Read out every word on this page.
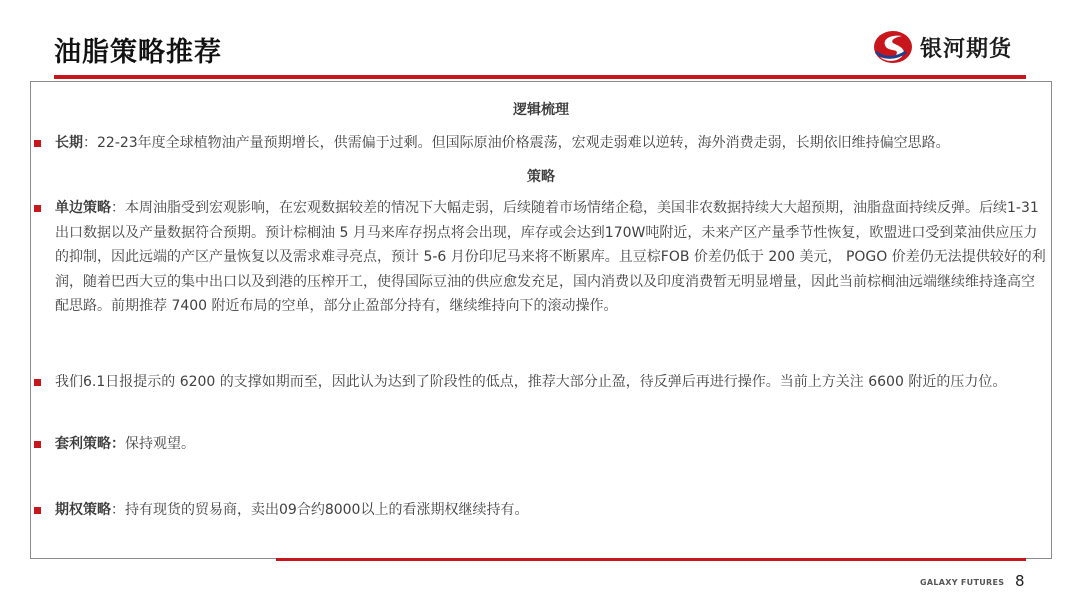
油脂策略推荐	银河期货
逻辑梳理
长期：22-23年度全球植物油产量预期增长，供需偏于过剩。但国际原油价格震荡，宏观走弱难以逆转，海外消费走弱，长期依旧维持偏空思路。
策略
单边策略：本周油脂受到宏观影响，在宏观数据较差的情况下大幅走弱，后续随着市场情绪企稳，美国非农数据持续大大超预期，油脂盘面持续反弹。后续1-31出口数据以及产量数据符合预期。预计棕榈油 5 月马来库存拐点将会出现，库存或会达到170W吨附近，未来产区产量季节性恢复，欧盟进口受到菜油供应压力的抑制，因此远端的产区产量恢复以及需求难寻亮点，预计 5-6 月份印尼马来将不断累库。且豆棕FOB 价差仍低于 200 美元， POGO 价差仍无法提供较好的利润，随着巴西大豆的集中出口以及到港的压榨开工，使得国际豆油的供应愈发充足，国内消费以及印度消费暂无明显增量，因此当前棕榈油远端继续维持逢高空配思路。前期推荐 7400 附近布局的空单，部分止盈部分持有，继续维持向下的滚动操作。
我们6.1日报提示的 6200 的支撑如期而至，因此认为达到了阶段性的低点，推荐大部分止盈，待反弹后再进行操作。当前上方关注 6600 附近的压力位。
套利策略：保持观望。
期权策略：持有现货的贸易商，卖出09合约8000以上的看涨期权继续持有。
GALAXY FUTURES 8
